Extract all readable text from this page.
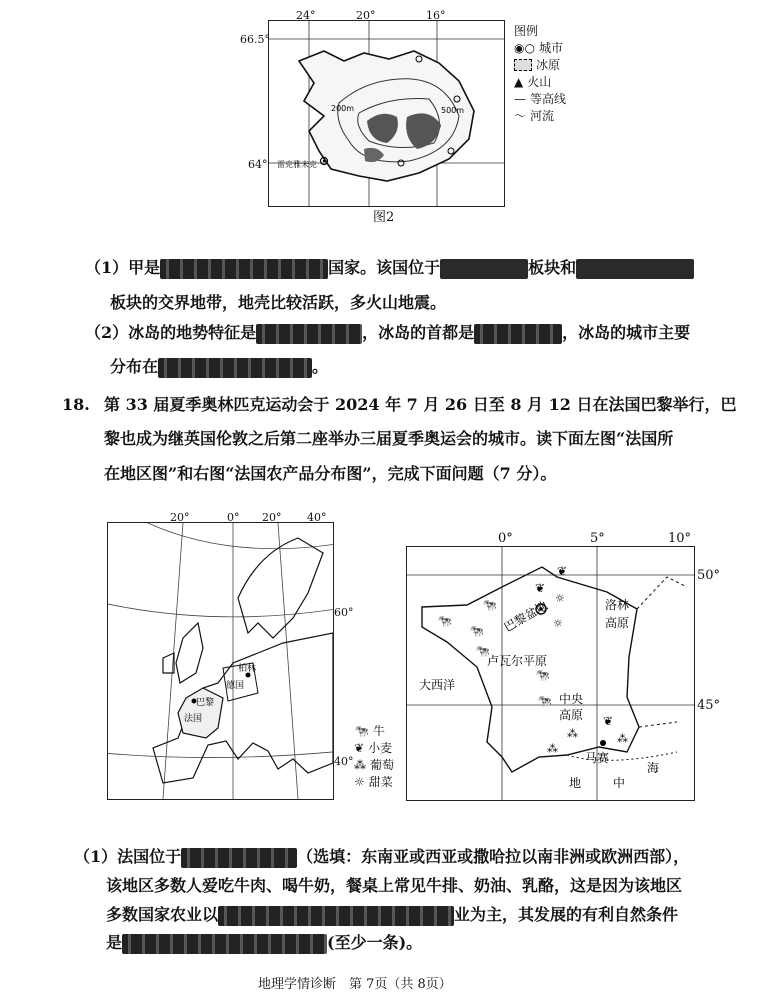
雷克雅未克
200m	500m
24°	20°	16°
66.5°
64°
图例
◉○ 城市
冰原
▲ 火山
— 等高线
～ 河流
图2
（1）甲是	国家。该国位于	板块和
板块的交界地带，地壳比较活跃，多火山地震。
（2）冰岛的地势特征是	，冰岛的首都是	，冰岛的城市主要
分布在	。
18. 第 33 届夏季奥林匹克运动会于 2024 年 7 月 26 日至 8 月 12 日在法国巴黎举行，巴
黎也成为继英国伦敦之后第二座举办三届夏季奥运会的城市。读下面左图“法国所
在地区图”和右图“法国农产品分布图”，完成下面问题（7 分）。
柏林
德国
巴黎
法国
20°	0° 20° 40°
60°
40°
🐄 牛
❦ 小麦
⁂ 葡萄
☼ 甜菜
🐄
🐄
🐄
🐄
🐄
🐄
❦
❦
❦
⁂
⁂
⁂
☼
☼
巴黎盆地	洛林
高原
卢瓦尔平原
大西洋
中央
高原
马赛
地	中
海
0°	5°	10°
50°
45°
（1）法国位于	（选填：东南亚或西亚或撒哈拉以南非洲或欧洲西部），
该地区多数人爱吃牛肉、喝牛奶，餐桌上常见牛排、奶油、乳酪，这是因为该地区
多数国家农业以	业为主，其发展的有利自然条件
是	(至少一条)。
地理学情诊断　第 7页（共 8页）
